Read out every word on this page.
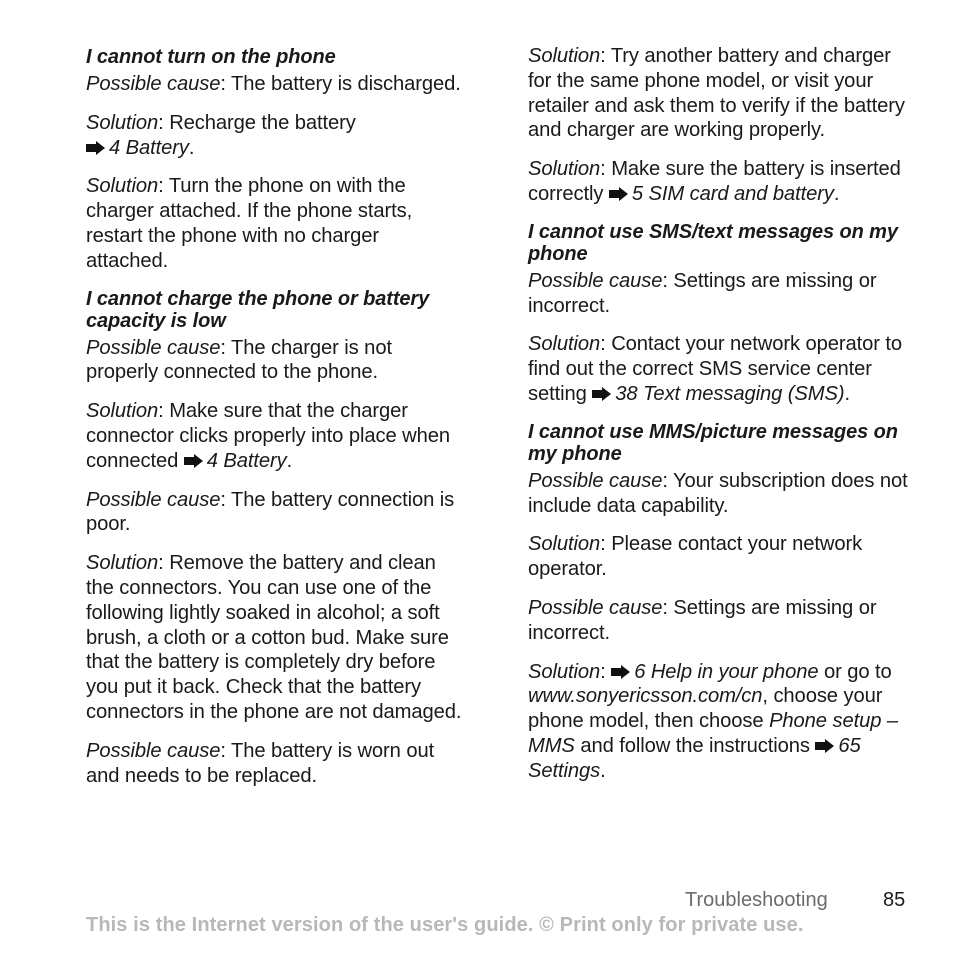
I cannot turn on the phone

Possible cause: The battery is discharged.

Solution: Recharge the battery

4 Battery.

Solution: Turn the phone on with the charger attached. If the phone starts, restart the phone with no charger attached.

I cannot charge the phone or battery capacity is low

Possible cause: The charger is not properly connected to the phone.

Solution: Make sure that the charger connector clicks properly into place when connected
4 Battery.

Possible cause: The battery connection is poor.

Solution: Remove the battery and clean the connectors. You can use one of the following lightly soaked in alcohol; a soft brush, a cloth or a cotton bud. Make sure that the battery is completely dry before you put it back. Check that the battery connectors in the phone are not damaged.

Possible cause: The battery is worn out and needs to be replaced.

Solution: Try another battery and charger for the same phone model, or visit your retailer and ask them to verify if the battery and charger are working properly.

Solution: Make sure the battery is inserted correctly
5 SIM card and battery.

I cannot use SMS/text messages on my phone

Possible cause: Settings are missing or incorrect.

Solution: Contact your network operator to find out the correct SMS service center setting
38 Text messaging (SMS).

I cannot use MMS/picture messages on my phone

Possible cause: Your subscription does not include data capability.

Solution: Please contact your network operator.

Possible cause: Settings are missing or incorrect.

Solution:
6 Help in your phone or go to www.sonyericsson.com/cn, choose your phone model, then choose Phone setup – MMS and follow the instructions
65 Settings.

Troubleshooting	85
This is the Internet version of the user's guide. © Print only for private use.
